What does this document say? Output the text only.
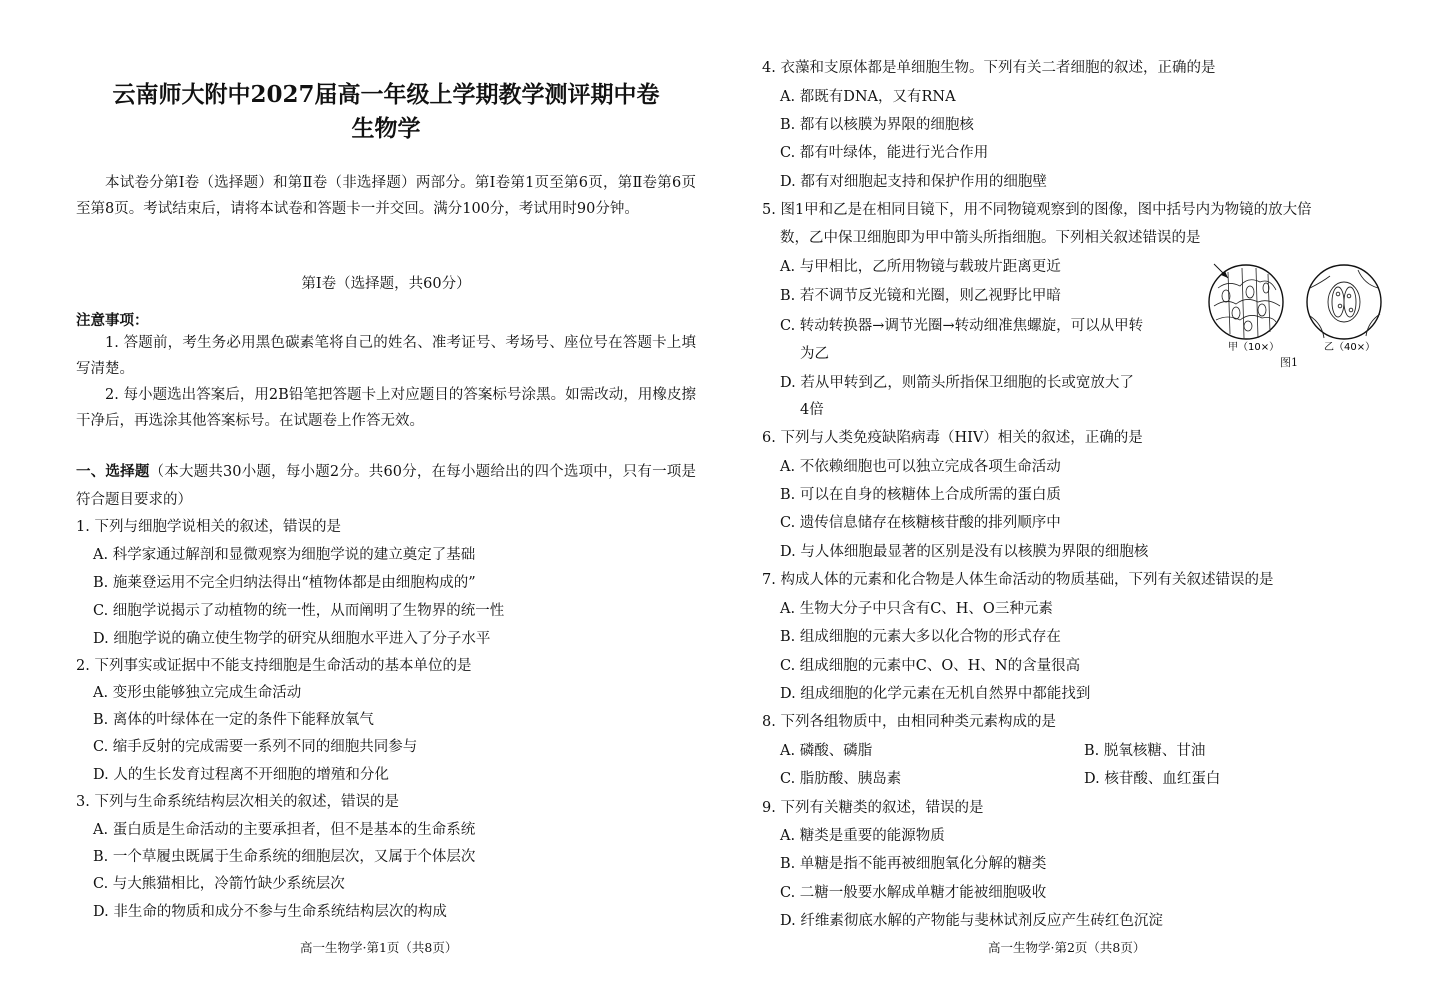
云南师大附中2027届高一年级上学期教学测评期中卷
生物学
本试卷分第Ⅰ卷（选择题）和第Ⅱ卷（非选择题）两部分。第Ⅰ卷第1页至第6页，第Ⅱ卷第6页至第8页。考试结束后，请将本试卷和答题卡一并交回。满分100分，考试用时90分钟。
第Ⅰ卷（选择题，共60分）
注意事项：
1. 答题前，考生务必用黑色碳素笔将自己的姓名、准考证号、考场号、座位号在答题卡上填写清楚。
2. 每小题选出答案后，用2B铅笔把答题卡上对应题目的答案标号涂黑。如需改动，用橡皮擦干净后，再选涂其他答案标号。在试题卷上作答无效。
一、选择题（本大题共30小题，每小题2分。共60分，在每小题给出的四个选项中，只有一项是符合题目要求的）
1. 下列与细胞学说相关的叙述，错误的是
A. 科学家通过解剖和显微观察为细胞学说的建立奠定了基础
B. 施莱登运用不完全归纳法得出“植物体都是由细胞构成的”
C. 细胞学说揭示了动植物的统一性，从而阐明了生物界的统一性
D. 细胞学说的确立使生物学的研究从细胞水平进入了分子水平
2. 下列事实或证据中不能支持细胞是生命活动的基本单位的是
A. 变形虫能够独立完成生命活动
B. 离体的叶绿体在一定的条件下能释放氧气
C. 缩手反射的完成需要一系列不同的细胞共同参与
D. 人的生长发育过程离不开细胞的增殖和分化
3. 下列与生命系统结构层次相关的叙述，错误的是
A. 蛋白质是生命活动的主要承担者，但不是基本的生命系统
B. 一个草履虫既属于生命系统的细胞层次，又属于个体层次
C. 与大熊猫相比，冷箭竹缺少系统层次
D. 非生命的物质和成分不参与生命系统结构层次的构成
高一生物学·第1页（共8页）
4. 衣藻和支原体都是单细胞生物。下列有关二者细胞的叙述，正确的是
A. 都既有DNA，又有RNA
B. 都有以核膜为界限的细胞核
C. 都有叶绿体，能进行光合作用
D. 都有对细胞起支持和保护作用的细胞壁
5. 图1甲和乙是在相同目镜下，用不同物镜观察到的图像，图中括号内为物镜的放大倍
数，乙中保卫细胞即为甲中箭头所指细胞。下列相关叙述错误的是
A. 与甲相比，乙所用物镜与载玻片距离更近
B. 若不调节反光镜和光圈，则乙视野比甲暗
C. 转动转换器→调节光圈→转动细准焦螺旋，可以从甲转
为乙
D. 若从甲转到乙，则箭头所指保卫细胞的长或宽放大了
4倍
甲（10×）	乙（40×）
图1
6. 下列与人类免疫缺陷病毒（HIV）相关的叙述，正确的是
A. 不依赖细胞也可以独立完成各项生命活动
B. 可以在自身的核糖体上合成所需的蛋白质
C. 遗传信息储存在核糖核苷酸的排列顺序中
D. 与人体细胞最显著的区别是没有以核膜为界限的细胞核
7. 构成人体的元素和化合物是人体生命活动的物质基础，下列有关叙述错误的是
A. 生物大分子中只含有C、H、O三种元素
B. 组成细胞的元素大多以化合物的形式存在
C. 组成细胞的元素中C、O、H、N的含量很高
D. 组成细胞的化学元素在无机自然界中都能找到
8. 下列各组物质中，由相同种类元素构成的是
A. 磷酸、磷脂	B. 脱氧核糖、甘油
C. 脂肪酸、胰岛素	D. 核苷酸、血红蛋白
9. 下列有关糖类的叙述，错误的是
A. 糖类是重要的能源物质
B. 单糖是指不能再被细胞氧化分解的糖类
C. 二糖一般要水解成单糖才能被细胞吸收
D. 纤维素彻底水解的产物能与斐林试剂反应产生砖红色沉淀
高一生物学·第2页（共8页）
